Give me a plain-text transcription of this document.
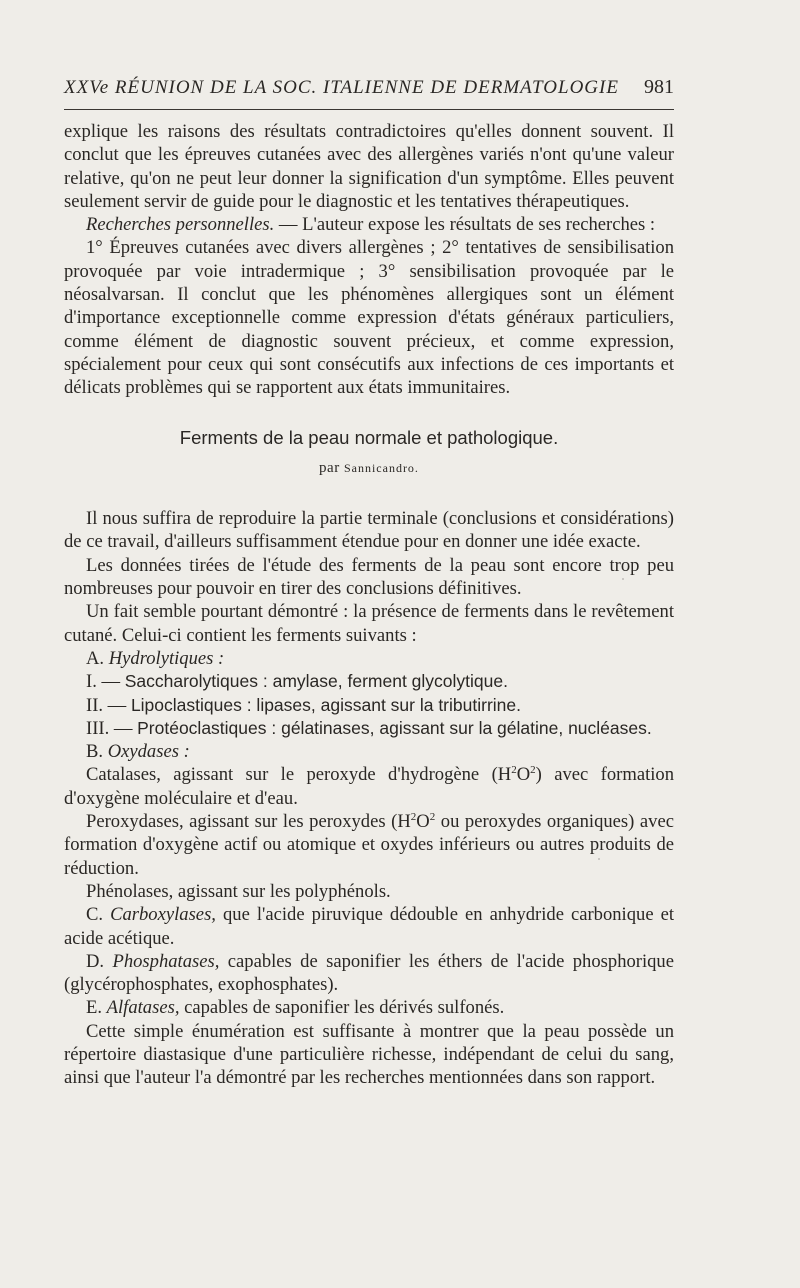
XXVe RÉUNION DE LA SOC. ITALIENNE DE DERMATOLOGIE 981

explique les raisons des résultats contradictoires qu'elles donnent souvent. Il conclut que les épreuves cutanées avec des allergènes variés n'ont qu'une valeur relative, qu'on ne peut leur donner la signification d'un symptôme. Elles peuvent seulement servir de guide pour le diagnostic et les tentatives thérapeutiques.

Recherches personnelles. — L'auteur expose les résultats de ses recherches :

1° Épreuves cutanées avec divers allergènes ; 2° tentatives de sensibilisation provoquée par voie intradermique ; 3° sensibilisation provoquée par le néosalvarsan. Il conclut que les phénomènes allergiques sont un élément d'importance exceptionnelle comme expression d'états généraux particuliers, comme élément de diagnostic souvent précieux, et comme expression, spécialement pour ceux qui sont consécutifs aux infections de ces importants et délicats problèmes qui se rapportent aux états immunitaires.

Ferments de la peau normale et pathologique.
par Sannicandro.

Il nous suffira de reproduire la partie terminale (conclusions et considérations) de ce travail, d'ailleurs suffisamment étendue pour en donner une idée exacte.

Les données tirées de l'étude des ferments de la peau sont encore trop peu nombreuses pour pouvoir en tirer des conclusions définitives.

Un fait semble pourtant démontré : la présence de ferments dans le revêtement cutané. Celui-ci contient les ferments suivants :

A. Hydrolytiques :

I. — Saccharolytiques : amylase, ferment glycolytique.

II. — Lipoclastiques : lipases, agissant sur la tributirrine.

III. — Protéoclastiques : gélatinases, agissant sur la gélatine, nucléases.

B. Oxydases :

Catalases, agissant sur le peroxyde d'hydrogène $(H^2O^2)$ avec formation d'oxygène moléculaire et d'eau.

Peroxydases, agissant sur les peroxydes ($H^2O^2$ ou peroxydes organiques) avec formation d'oxygène actif ou atomique et oxydes inférieurs ou autres produits de réduction.

Phénolases, agissant sur les polyphénols.

C. Carboxylases, que l'acide piruvique dédouble en anhydride carbonique et acide acétique.

D. Phosphatases, capables de saponifier les éthers de l'acide phosphorique (glycérophosphates, exophosphates).

E. Alfatases, capables de saponifier les dérivés sulfonés.

Cette simple énumération est suffisante à montrer que la peau possède un répertoire diastasique d'une particulière richesse, indépendant de celui du sang, ainsi que l'auteur l'a démontré par les recherches mentionnées dans son rapport.
